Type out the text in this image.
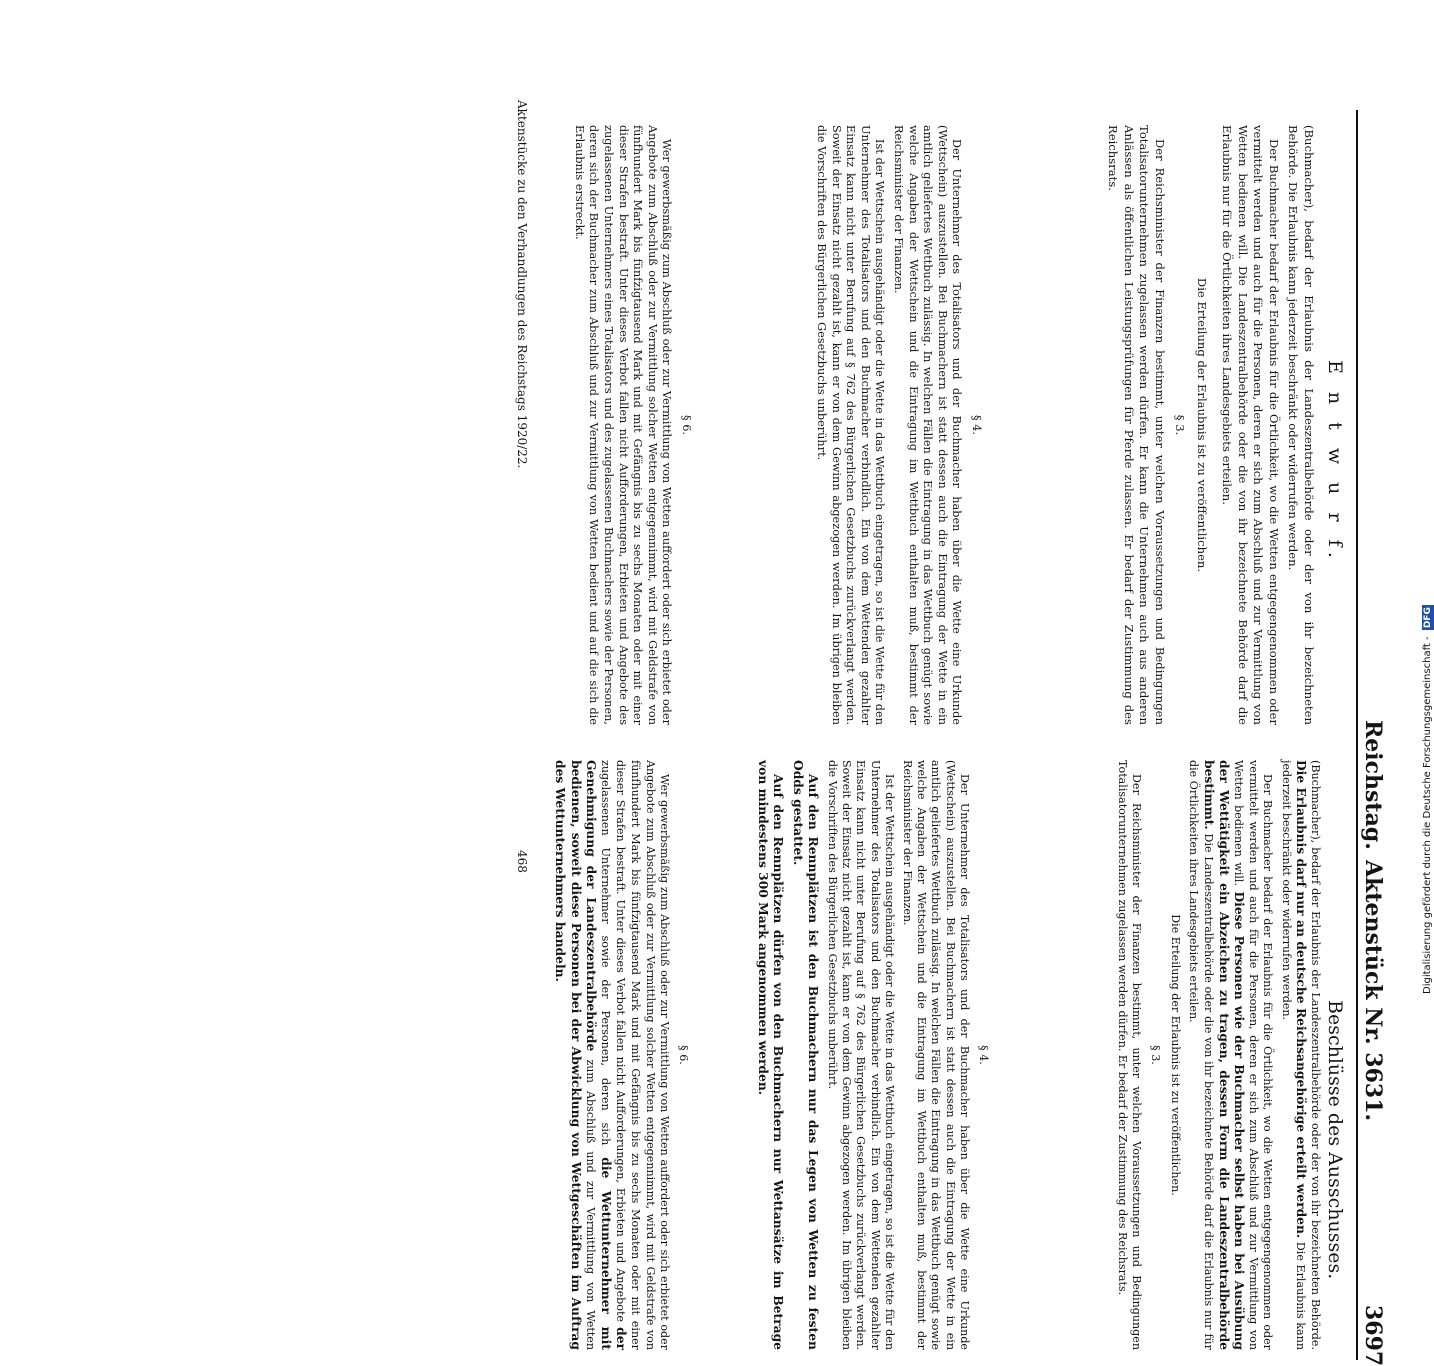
Reichstag.
Aktenstück Nr. 3631.
3697
E n t w u r f.
Beschlüsse des Ausschusses.

(Buchmacher), bedarf der Erlaubnis der Landeszentralbehörde oder der von ihr bezeichneten Behörde. Die Erlaubnis kann jederzeit beschränkt oder widerrufen werden.

Der Buchmacher bedarf der Erlaubnis für die Örtlichkeit, wo die Wetten entgegengenommen oder vermittelt werden und auch für die Personen, deren er sich zum Abschluß und zur Vermittlung von Wetten bedienen will. Die Landeszentralbehörde oder die von ihr bezeichnete Behörde darf die Erlaubnis nur für die Örtlichkeiten ihres Landesgebiets erteilen.

Die Erteilung der Erlaubnis ist zu veröffentlichen.

§ 3.

Der Reichsminister der Finanzen bestimmt, unter welchen Voraussetzungen und Bedingungen Totalisatorunternehmen zugelassen werden dürfen. Er kann die Unternehmen auch aus anderen Anlässen als öffentlichen Leistungsprüfungen für Pferde zulassen. Er bedarf der Zustimmung des Reichsrats.

§ 4.

Der Unternehmer des Totalisators und der Buchmacher haben über die Wette eine Urkunde (Wettschein) auszustellen. Bei Buchmachern ist statt dessen auch die Eintragung der Wette in ein amtlich geliefertes Wettbuch zulässig. In welchen Fällen die Eintragung in das Wettbuch genügt sowie welche Angaben der Wettschein und die Eintragung im Wettbuch enthalten muß, bestimmt der Reichsminister der Finanzen.

Ist der Wettschein ausgehändigt oder die Wette in das Wettbuch eingetragen, so ist die Wette für den Unternehmer des Totalisators und den Buchmacher verbindlich. Ein von dem Wettenden gezahlter Einsatz kann nicht unter Berufung auf § 762 des Bürgerlichen Gesetzbuchs zurückverlangt werden. Soweit der Einsatz nicht gezahlt ist, kann er von dem Gewinn abgezogen werden. Im übrigen bleiben die Vorschriften des Bürgerlichen Gesetzbuchs unberührt.

§ 6.

Wer gewerbsmäßig zum Abschluß oder zur Vermittlung von Wetten auffordert oder sich erbietet oder Angebote zum Abschluß oder zur Vermittlung solcher Wetten entgegennimmt, wird mit Geldstrafe von fünfhundert Mark bis fünfzigtausend Mark und mit Gefängnis bis zu sechs Monaten oder mit einer dieser Strafen bestraft. Unter dieses Verbot fallen nicht Aufforderungen, Erbieten und Angebote des zugelassenen Unternehmers eines Totalisators und des zugelassenen Buchmachers sowie der Personen, deren sich der Buchmacher zum Abschluß und zur Vermittlung von Wetten bedient und auf die sich die Erlaubnis erstreckt.

(Buchmacher), bedarf der Erlaubnis der Landeszentralbehörde oder der von ihr bezeichneten Behörde. Die Erlaubnis darf nur an deutsche Reichsangehörige erteilt werden. Die Erlaubnis kann jederzeit beschränkt oder widerrufen werden.

Der Buchmacher bedarf der Erlaubnis für die Örtlichkeit, wo die Wetten entgegengenommen oder vermittelt werden und auch für die Personen, deren er sich zum Abschluß und zur Vermittlung von Wetten bedienen will. Diese Personen wie der Buchmacher selbst haben bei Ausübung der Wettätigkeit ein Abzeichen zu tragen, dessen Form die Landeszentralbehörde bestimmt. Die Landeszentralbehörde oder die von ihr bezeichnete Behörde darf die Erlaubnis nur für die Örtlichkeiten ihres Landesgebiets erteilen.

Die Erteilung der Erlaubnis ist zu veröffentlichen.

§ 3.

Der Reichsminister der Finanzen bestimmt, unter welchen Voraussetzungen und Bedingungen Totalisatorunternehmen zugelassen werden dürfen. Er bedarf der Zustimmung des Reichsrats.

§ 4.

Der Unternehmer des Totalisators und der Buchmacher haben über die Wette eine Urkunde (Wettschein) auszustellen. Bei Buchmachern ist statt dessen auch die Eintragung der Wette in ein amtlich geliefertes Wettbuch zulässig. In welchen Fällen die Eintragung in das Wettbuch genügt sowie welche Angaben der Wettschein und die Eintragung im Wettbuch enthalten muß, bestimmt der Reichsminister der Finanzen.

Ist der Wettschein ausgehändigt oder die Wette in das Wettbuch eingetragen, so ist die Wette für den Unternehmer des Totalisators und den Buchmacher verbindlich. Ein von dem Wettenden gezahlter Einsatz kann nicht unter Berufung auf § 762 des Bürgerlichen Gesetzbuchs zurückverlangt werden. Soweit der Einsatz nicht gezahlt ist, kann er von dem Gewinn abgezogen werden. Im übrigen bleiben die Vorschriften des Bürgerlichen Gesetzbuchs unberührt.

Auf den Rennplätzen ist den Buchmachern nur das Legen von Wetten zu festen Odds gestattet.

Auf den Rennplätzen dürfen von den Buchmachern nur Wettansätze im Betrage von mindestens 300 Mark angenommen werden.

§ 6.

Wer gewerbsmäßig zum Abschluß oder zur Vermittlung von Wetten auffordert oder sich erbietet oder Angebote zum Abschluß oder zur Vermittlung solcher Wetten entgegennimmt, wird mit Geldstrafe von fünfhundert Mark bis fünfzigtausend Mark und mit Gefängnis bis zu sechs Monaten oder mit einer dieser Strafen bestraft. Unter dieses Verbot fallen nicht Aufforderungen, Erbieten und Angebote der zugelassenen Unternehmer sowie der Personen, deren sich die Wettunternehmer mit Genehmigung der Landeszentralbehörde zum Abschluß und zur Vermittlung von Wetten bedienen, soweit diese Personen bei der Abwicklung von Wettgeschäften im Auftrag des Wettunternehmers handeln.

Aktenstücke zu den Verhandlungen des Reichstags 1920/22.
468	Digitalisierung gefördert durch die Deutsche Forschungsgemeinschaft - DFG
